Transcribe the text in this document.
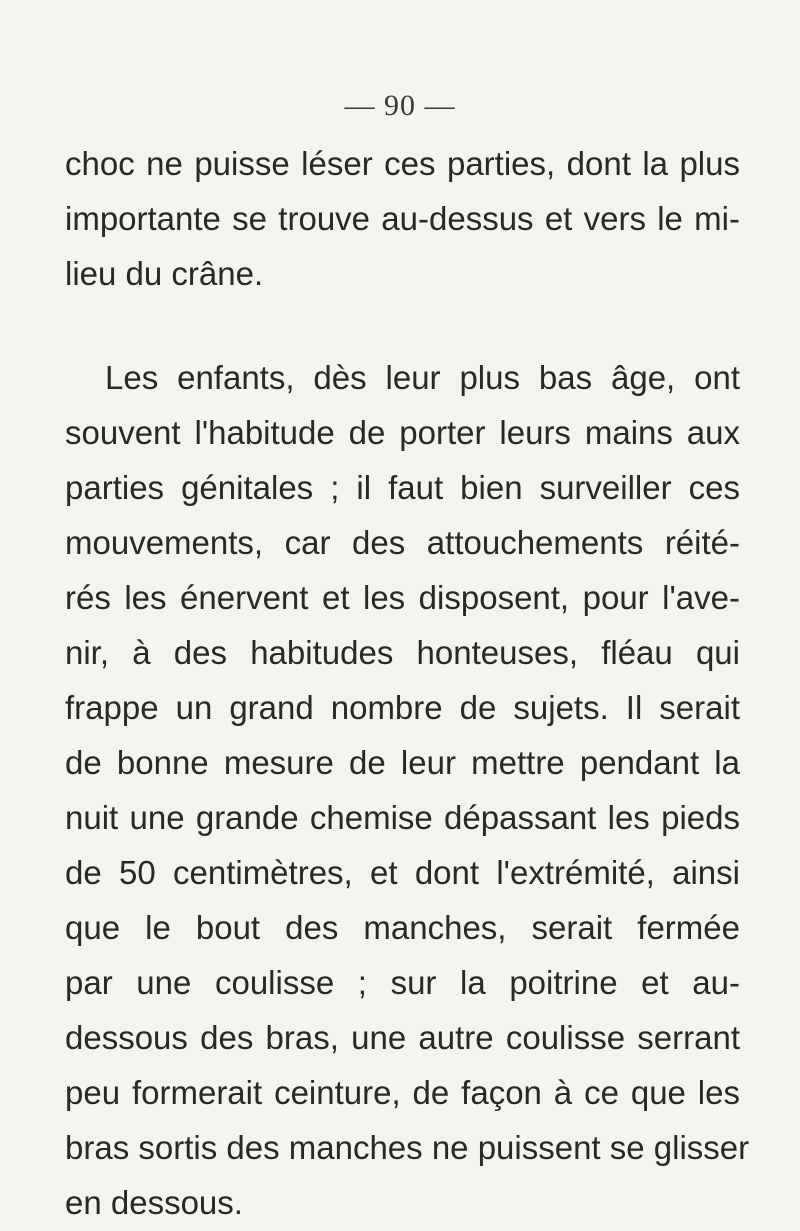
— 90 —
choc ne puisse léser ces parties, dont la plus
importante se trouve au-dessus et vers le mi-
lieu du crâne.
Les enfants, dès leur plus bas âge, ont
souvent l'habitude de porter leurs mains aux
parties génitales ; il faut bien surveiller ces
mouvements, car des attouchements réité-
rés les énervent et les disposent, pour l'ave-
nir, à des habitudes honteuses, fléau qui
frappe un grand nombre de sujets. Il serait
de bonne mesure de leur mettre pendant la
nuit une grande chemise dépassant les pieds
de 50 centimètres, et dont l'extrémité, ainsi
que le bout des manches, serait fermée
par une coulisse ; sur la poitrine et au-
dessous des bras, une autre coulisse serrant
peu formerait ceinture, de façon à ce que les
bras sortis des manches ne puissent se glisser
en dessous.
